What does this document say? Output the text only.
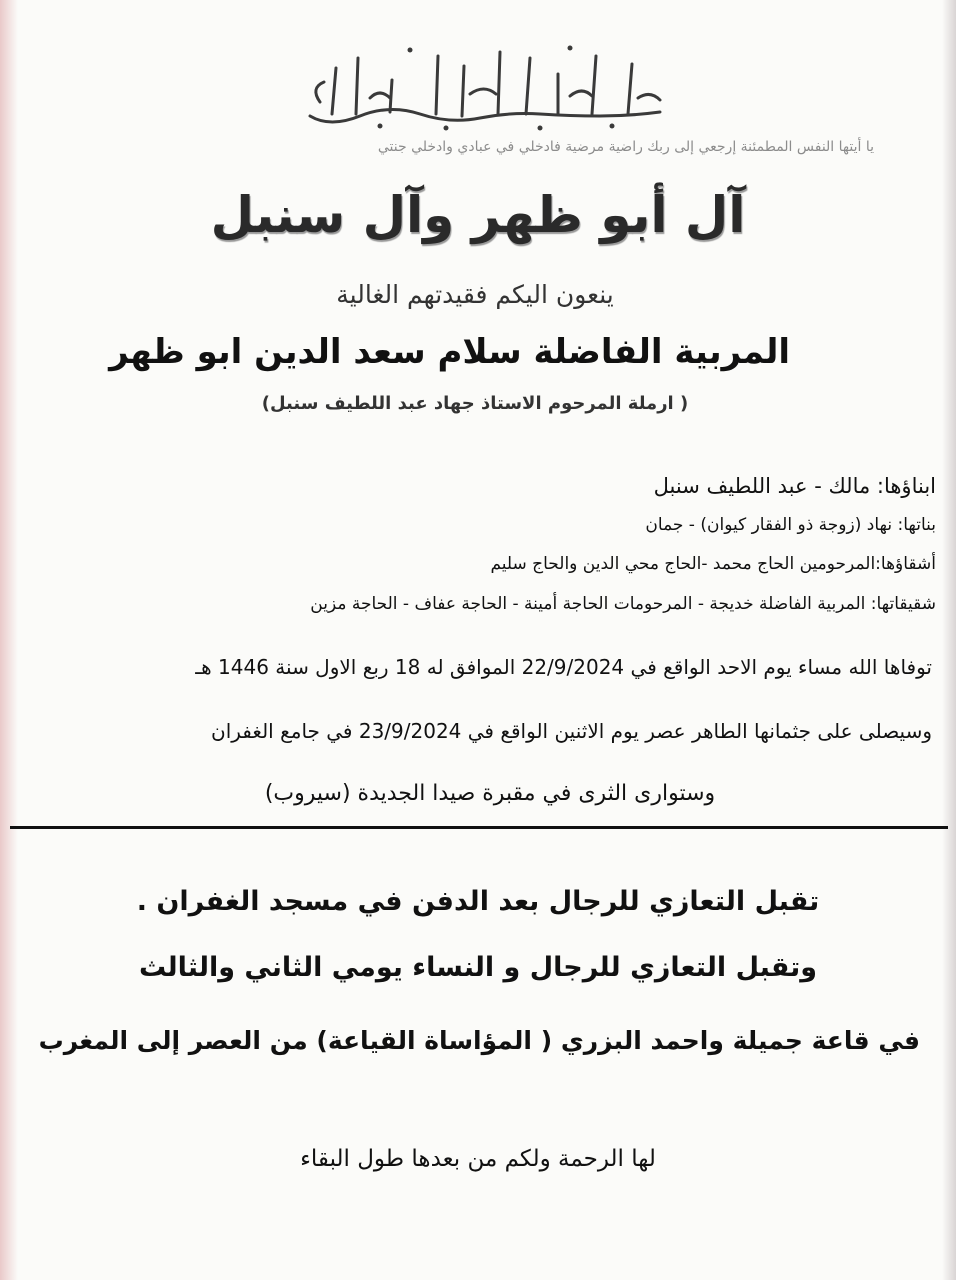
يا أيتها النفس المطمئنة إرجعي إلى ربك راضية مرضية فادخلي في عبادي وادخلي جنتي
آل أبو ظهر وآل سنبل
ينعون اليكم فقيدتهم الغالية
المربية الفاضلة سلام سعد الدين ابو ظهر
( ارملة المرحوم الاستاذ جهاد عبد اللطيف سنبل)
ابناؤها: مالك - عبد اللطيف سنبل
بناتها: نهاد (زوجة ذو الفقار كيوان) - جمان
أشقاؤها:المرحومين الحاج محمد -الحاج محي الدين والحاج سليم
شقيقاتها: المربية الفاضلة خديجة - المرحومات الحاجة أمينة - الحاجة عفاف - الحاجة مزين
توفاها الله مساء يوم الاحد الواقع في 22/9/2024 الموافق له 18 ربع الاول سنة 1446 هـ
وسيصلى على جثمانها الطاهر عصر يوم الاثنين الواقع في 23/9/2024 في جامع الغفران
وستوارى الثرى في مقبرة صيدا الجديدة (سيروب)
تقبل التعازي للرجال بعد الدفن في مسجد الغفران .
وتقبل التعازي للرجال و النساء يومي الثاني والثالث
في قاعة جميلة واحمد البزري ( المؤاساة القياعة) من العصر إلى المغرب
لها الرحمة ولكم من بعدها طول البقاء
